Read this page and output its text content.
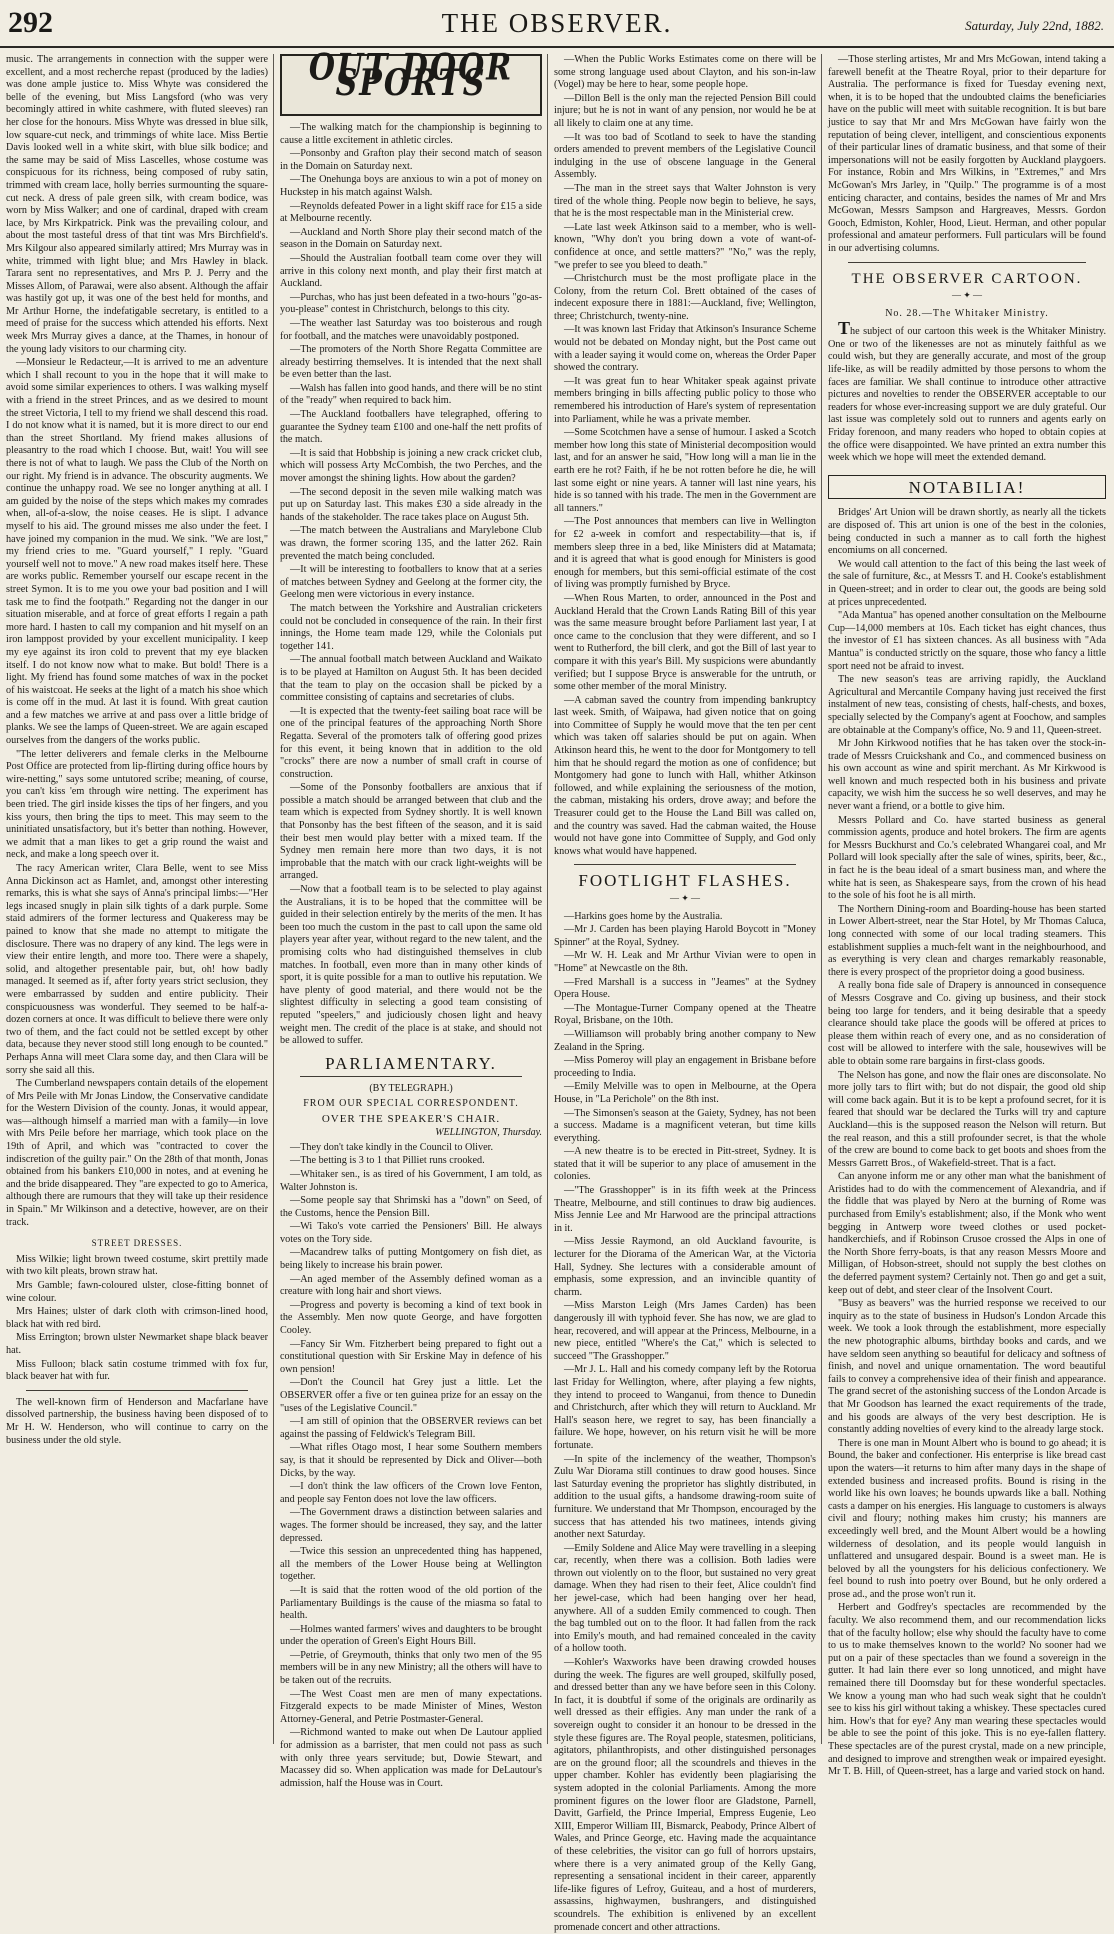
292	THE OBSERVER.	Saturday, July 22nd, 1882.

music. The arrangements in connection with the supper were excellent, and a most recherche repast (produced by the ladies) was done ample justice to. Miss Whyte was considered the belle of the evening, but Miss Langsford (who was very becomingly attired in white cashmere, with fluted sleeves) ran her close for the honours. Miss Whyte was dressed in blue silk, low square-cut neck, and trimmings of white lace. Miss Bertie Davis looked well in a white skirt, with blue silk bodice; and the same may be said of Miss Lascelles, whose costume was conspicuous for its richness, being composed of ruby satin, trimmed with cream lace, holly berries surmounting the square-cut neck. A dress of pale green silk, with cream bodice, was worn by Miss Walker; and one of cardinal, draped with cream lace, by Mrs Kirkpatrick. Pink was the prevailing colour, and about the most tasteful dress of that tint was Mrs Birchfield's. Mrs Kilgour also appeared similarly attired; Mrs Murray was in white, trimmed with light blue; and Mrs Hawley in black. Tarara sent no representatives, and Mrs P. J. Perry and the Misses Allom, of Parawai, were also absent. Although the affair was hastily got up, it was one of the best held for months, and Mr Arthur Horne, the indefatigable secretary, is entitled to a meed of praise for the success which attended his efforts. Next week Mrs Murray gives a dance, at the Thames, in honour of the young lady visitors to our charming city.

—Monsieur le Redacteur,—It is arrived to me an adventure which I shall recount to you in the hope that it will make to avoid some similar experiences to others. I was walking myself with a friend in the street Princes, and as we desired to mount the street Victoria, I tell to my friend we shall descend this road. I do not know what it is named, but it is more direct to our end than the street Shortland. My friend makes allusions of pleasantry to the road which I choose. But, wait! You will see there is not of what to laugh. We pass the Club of the North on our right. My friend is in advance. The obscurity augments. We continue the unhappy road. We see no longer anything at all. I am guided by the noise of the steps which makes my comrades when, all-of-a-slow, the noise ceases. He is slipt. I advance myself to his aid. The ground misses me also under the feet. I have joined my companion in the mud. We sink. "We are lost," my friend cries to me. "Guard yourself," I reply. "Guard yourself well not to move." A new road makes itself here. These are works public. Remember yourself our escape recent in the street Symon. It is to me you owe your bad position and I will task me to find the footpath." Regarding not the danger in our situation miserable, and at force of great efforts I regain a path more hard. I hasten to call my companion and hit myself on an iron lamppost provided by your excellent municipality. I keep my eye against its iron cold to prevent that my eye blacken itself. I do not know now what to make. But bold! There is a light. My friend has found some matches of wax in the pocket of his waistcoat. He seeks at the light of a match his shoe which is come off in the mud. At last it is found. With great caution and a few matches we arrive at and pass over a little bridge of planks. We see the lamps of Queen-street. We are again escaped ourselves from the dangers of the works public.

"The letter deliverers and female clerks in the Melbourne Post Office are protected from lip-flirting during office hours by wire-netting," says some untutored scribe; meaning, of course, you can't kiss 'em through wire netting. The experiment has been tried. The girl inside kisses the tips of her fingers, and you kiss yours, then bring the tips to meet. This may seem to the uninitiated unsatisfactory, but it's better than nothing. However, we admit that a man likes to get a grip round the waist and neck, and make a long speech over it.

The racy American writer, Clara Belle, went to see Miss Anna Dickinson act as Hamlet, and, amongst other interesting remarks, this is what she says of Anna's principal limbs:—"Her legs incased snugly in plain silk tights of a dark purple. Some staid admirers of the former lecturess and Quakeress may be pained to know that she made no attempt to mitigate the disclosure. There was no drapery of any kind. The legs were in view their entire length, and more too. There were a shapely, solid, and altogether presentable pair, but, oh! how badly managed. It seemed as if, after forty years strict seclusion, they were embarrassed by sudden and entire publicity. Their conspicuousness was wonderful. They seemed to be half-a-dozen corners at once. It was difficult to believe there were only two of them, and the fact could not be settled except by other data, because they never stood still long enough to be counted." Perhaps Anna will meet Clara some day, and then Clara will be sorry she said all this.

The Cumberland newspapers contain details of the elopement of Mrs Peile with Mr Jonas Lindow, the Conservative candidate for the Western Division of the county. Jonas, it would appear, was—although himself a married man with a family—in love with Mrs Peile before her marriage, which took place on the 19th of April, and which was "contracted to cover the indiscretion of the guilty pair." On the 28th of that month, Jonas obtained from his bankers £10,000 in notes, and at evening he and the bride disappeared. They "are expected to go to America, although there are rumours that they will take up their residence in Spain." Mr Wilkinson and a detective, however, are on their track.

STREET DRESSES.

Miss Wilkie; light brown tweed costume, skirt prettily made with two kilt pleats, brown straw hat.

Mrs Gamble; fawn-coloured ulster, close-fitting bonnet of wine colour.

Mrs Haines; ulster of dark cloth with crimson-lined hood, black hat with red bird.

Miss Errington; brown ulster Newmarket shape black beaver hat.

Miss Fulloon; black satin costume trimmed with fox fur, black beaver hat with fur.

The well-known firm of Henderson and Macfarlane have dissolved partnership, the business having been disposed of to Mr H. W. Henderson, who will continue to carry on the business under the old style.

OUT DOOR SPORTS

—The walking match for the championship is beginning to cause a little excitement in athletic circles.

—Ponsonby and Grafton play their second match of season in the Domain on Saturday next.

—The Onehunga boys are anxious to win a pot of money on Huckstep in his match against Walsh.

—Reynolds defeated Power in a light skiff race for £15 a side at Melbourne recently.

—Auckland and North Shore play their second match of the season in the Domain on Saturday next.

—Should the Australian football team come over they will arrive in this colony next month, and play their first match at Auckland.

—Purchas, who has just been defeated in a two-hours "go-as-you-please" contest in Christchurch, belongs to this city.

—The weather last Saturday was too boisterous and rough for football, and the matches were unavoidably postponed.

—The promoters of the North Shore Regatta Committee are already bestirring themselves. It is intended that the next shall be even better than the last.

—Walsh has fallen into good hands, and there will be no stint of the "ready" when required to back him.

—The Auckland footballers have telegraphed, offering to guarantee the Sydney team £100 and one-half the nett profits of the match.

—It is said that Hobbship is joining a new crack cricket club, which will possess Arty McCombish, the two Perches, and the mover amongst the shining lights. How about the garden?

—The second deposit in the seven mile walking match was put up on Saturday last. This makes £30 a side already in the hands of the stakeholder. The race takes place on August 5th.

—The match between the Australians and Marylebone Club was drawn, the former scoring 135, and the latter 262. Rain prevented the match being concluded.

—It will be interesting to footballers to know that at a series of matches between Sydney and Geelong at the former city, the Geelong men were victorious in every instance.

The match between the Yorkshire and Australian cricketers could not be concluded in consequence of the rain. In their first innings, the Home team made 129, while the Colonials put together 141.

—The annual football match between Auckland and Waikato is to be played at Hamilton on August 5th. It has been decided that the team to play on the occasion shall be picked by a committee consisting of captains and secretaries of clubs.

—It is expected that the twenty-feet sailing boat race will be one of the principal features of the approaching North Shore Regatta. Several of the promoters talk of offering good prizes for this event, it being known that in addition to the old "crocks" there are now a number of small craft in course of construction.

—Some of the Ponsonby footballers are anxious that if possible a match should be arranged between that club and the team which is expected from Sydney shortly. It is well known that Ponsonby has the best fifteen of the season, and it is said their best men would play better with a mixed team. If the Sydney men remain here more than two days, it is not improbable that the match with our crack light-weights will be arranged.

—Now that a football team is to be selected to play against the Australians, it is to be hoped that the committee will be guided in their selection entirely by the merits of the men. It has been too much the custom in the past to call upon the same old players year after year, without regard to the new talent, and the promising colts who had distinguished themselves in club matches. In football, even more than in many other kinds of sport, it is quite possible for a man to outlive his reputation. We have plenty of good material, and there would not be the slightest difficulty in selecting a good team consisting of reputed "speelers," and judiciously chosen light and heavy weight men. The credit of the place is at stake, and should not be allowed to suffer.

PARLIAMENTARY.
(BY TELEGRAPH.)
FROM OUR SPECIAL CORRESPONDENT.
OVER THE SPEAKER'S CHAIR.
WELLINGTON, Thursday.

—They don't take kindly in the Council to Oliver.

—The betting is 3 to 1 that Pilliet runs crooked.

—Whitaker sen., is as tired of his Government, I am told, as Walter Johnston is.

—Some people say that Shrimski has a "down" on Seed, of the Customs, hence the Pension Bill.

—Wi Tako's vote carried the Pensioners' Bill. He always votes on the Tory side.

—Macandrew talks of putting Montgomery on fish diet, as being likely to increase his brain power.

—An aged member of the Assembly defined woman as a creature with long hair and short views.

—Progress and poverty is becoming a kind of text book in the Assembly. Men now quote George, and have forgotten Cooley.

—Fancy Sir Wm. Fitzherbert being prepared to fight out a constitutional question with Sir Erskine May in defence of his own pension!

—Don't the Council hat Grey just a little. Let the OBSERVER offer a five or ten guinea prize for an essay on the "uses of the Legislative Council."

—I am still of opinion that the OBSERVER reviews can bet against the passing of Feldwick's Telegram Bill.

—What rifles Otago most, I hear some Southern members say, is that it should be represented by Dick and Oliver—both Dicks, by the way.

—I don't think the law officers of the Crown love Fenton, and people say Fenton does not love the law officers.

—The Government draws a distinction between salaries and wages. The former should be increased, they say, and the latter depressed.

—Twice this session an unprecedented thing has happened, all the members of the Lower House being at Wellington together.

—It is said that the rotten wood of the old portion of the Parliamentary Buildings is the cause of the miasma so fatal to health.

—Holmes wanted farmers' wives and daughters to be brought under the operation of Green's Eight Hours Bill.

—Petrie, of Greymouth, thinks that only two men of the 95 members will be in any new Ministry; all the others will have to be taken out of the recruits.

—The West Coast men are men of many expectations. Fitzgerald expects to be made Minister of Mines, Weston Attorney-General, and Petrie Postmaster-General.

—Richmond wanted to make out when De Lautour applied for admission as a barrister, that men could not pass as such with only three years servitude; but, Dowie Stewart, and Macassey did so. When application was made for DeLautour's admission, half the House was in Court.

—When the Public Works Estimates come on there will be some strong language used about Clayton, and his son-in-law (Vogel) may be here to hear, some people hope.

—Dillon Bell is the only man the rejected Pension Bill could injure; but he is not in want of any pension, nor would he be at all likely to claim one at any time.

—It was too bad of Scotland to seek to have the standing orders amended to prevent members of the Legislative Council indulging in the use of obscene language in the General Assembly.

—The man in the street says that Walter Johnston is very tired of the whole thing. People now begin to believe, he says, that he is the most respectable man in the Ministerial crew.

—Late last week Atkinson said to a member, who is well-known, "Why don't you bring down a vote of want-of-confidence at once, and settle matters?" "No," was the reply, "we prefer to see you bleed to death."

—Christchurch must be the most profligate place in the Colony, from the return Col. Brett obtained of the cases of indecent exposure there in 1881:—Auckland, five; Wellington, three; Christchurch, twenty-nine.

—It was known last Friday that Atkinson's Insurance Scheme would not be debated on Monday night, but the Post came out with a leader saying it would come on, whereas the Order Paper showed the contrary.

—It was great fun to hear Whitaker speak against private members bringing in bills affecting public policy to those who remembered his introduction of Hare's system of representation into Parliament, while he was a private member.

—Some Scotchmen have a sense of humour. I asked a Scotch member how long this state of Ministerial decomposition would last, and for an answer he said, "How long will a man lie in the earth ere he rot? Faith, if he be not rotten before he die, he will last some eight or nine years. A tanner will last nine years, his hide is so tanned with his trade. The men in the Government are all tanners."

—The Post announces that members can live in Wellington for £2 a-week in comfort and respectability—that is, if members sleep three in a bed, like Ministers did at Matamata; and it is agreed that what is good enough for Ministers is good enough for members, but this semi-official estimate of the cost of living was promptly furnished by Bryce.

—When Rous Marten, to order, announced in the Post and Auckland Herald that the Crown Lands Rating Bill of this year was the same measure brought before Parliament last year, I at once came to the conclusion that they were different, and so I went to Rutherford, the bill clerk, and got the Bill of last year to compare it with this year's Bill. My suspicions were abundantly verified; but I suppose Bryce is answerable for the untruth, or some other member of the moral Ministry.

—A cabman saved the country from impending bankruptcy last week. Smith, of Waipawa, had given notice that on going into Committee of Supply he would move that the ten per cent which was taken off salaries should be put on again. When Atkinson heard this, he went to the door for Montgomery to tell him that he should regard the motion as one of confidence; but Montgomery had gone to lunch with Hall, whither Atkinson followed, and while explaining the seriousness of the motion, the cabman, mistaking his orders, drove away; and before the Treasurer could get to the House the Land Bill was called on, and the country was saved. Had the cabman waited, the House would not have gone into Committee of Supply, and God only knows what would have happened.

FOOTLIGHT FLASHES.
— ✦ —

—Harkins goes home by the Australia.

—Mr J. Carden has been playing Harold Boycott in "Money Spinner" at the Royal, Sydney.

—Mr W. H. Leak and Mr Arthur Vivian were to open in "Home" at Newcastle on the 8th.

—Fred Marshall is a success in "Jeames" at the Sydney Opera House.

—The Montague-Turner Company opened at the Theatre Royal, Brisbane, on the 10th.

—Williamson will probably bring another company to New Zealand in the Spring.

—Miss Pomeroy will play an engagement in Brisbane before proceeding to India.

—Emily Melville was to open in Melbourne, at the Opera House, in "La Perichole" on the 8th inst.

—The Simonsen's season at the Gaiety, Sydney, has not been a success. Madame is a magnificent veteran, but time kills everything.

—A new theatre is to be erected in Pitt-street, Sydney. It is stated that it will be superior to any place of amusement in the colonies.

—"The Grasshopper" is in its fifth week at the Princess Theatre, Melbourne, and still continues to draw big audiences. Miss Jennie Lee and Mr Harwood are the principal attractions in it.

—Miss Jessie Raymond, an old Auckland favourite, is lecturer for the Diorama of the American War, at the Victoria Hall, Sydney. She lectures with a considerable amount of emphasis, some expression, and an invincible quantity of charm.

—Miss Marston Leigh (Mrs James Carden) has been dangerously ill with typhoid fever. She has now, we are glad to hear, recovered, and will appear at the Princess, Melbourne, in a new piece, entitled "Where's the Cat," which is selected to succeed "The Grasshopper."

—Mr J. L. Hall and his comedy company left by the Rotorua last Friday for Wellington, where, after playing a few nights, they intend to proceed to Wanganui, from thence to Dunedin and Christchurch, after which they will return to Auckland. Mr Hall's season here, we regret to say, has been financially a failure. We hope, however, on his return visit he will be more fortunate.

—In spite of the inclemency of the weather, Thompson's Zulu War Diorama still continues to draw good houses. Since last Saturday evening the proprietor has slightly distributed, in addition to the usual gifts, a handsome drawing-room suite of furniture. We understand that Mr Thompson, encouraged by the success that has attended his two matinees, intends giving another next Saturday.

—Emily Soldene and Alice May were travelling in a sleeping car, recently, when there was a collision. Both ladies were thrown out violently on to the floor, but sustained no very great damage. When they had risen to their feet, Alice couldn't find her jewel-case, which had been hanging over her head, anywhere. All of a sudden Emily commenced to cough. Then the bag tumbled out on to the floor. It had fallen from the rack into Emily's mouth, and had remained concealed in the cavity of a hollow tooth.

—Kohler's Waxworks have been drawing crowded houses during the week. The figures are well grouped, skilfully posed, and dressed better than any we have before seen in this Colony. In fact, it is doubtful if some of the originals are ordinarily as well dressed as their effigies. Any man under the rank of a sovereign ought to consider it an honour to be dressed in the style these figures are. The Royal people, statesmen, politicians, agitators, philanthropists, and other distinguished personages are on the ground floor; all the scoundrels and thieves in the upper chamber. Kohler has evidently been plagiarising the system adopted in the colonial Parliaments. Among the more prominent figures on the lower floor are Gladstone, Parnell, Davitt, Garfield, the Prince Imperial, Empress Eugenie, Leo XIII, Emperor William III, Bismarck, Peabody, Prince Albert of Wales, and Prince George, etc. Having made the acquaintance of these celebrities, the visitor can go full of horrors upstairs, where there is a very animated group of the Kelly Gang, representing a sensational incident in their career, apparently life-like figures of Lefroy, Guiteau, and a host of murderers, assassins, highwaymen, bushrangers, and distinguished scoundrels. The exhibition is enlivened by an excellent promenade concert and other attractions.

—Those sterling artistes, Mr and Mrs McGowan, intend taking a farewell benefit at the Theatre Royal, prior to their departure for Australia. The performance is fixed for Tuesday evening next, when, it is to be hoped that the undoubted claims the beneficiaries have on the public will meet with suitable recognition. It is but bare justice to say that Mr and Mrs McGowan have fairly won the reputation of being clever, intelligent, and conscientious exponents of their particular lines of dramatic business, and that some of their impersonations will not be easily forgotten by Auckland playgoers. For instance, Robin and Mrs Wilkins, in "Extremes," and Mrs McGowan's Mrs Jarley, in "Quilp." The programme is of a most enticing character, and contains, besides the names of Mr and Mrs McGowan, Messrs Sampson and Hargreaves, Messrs. Gordon Gooch, Edmiston, Kohler, Hood, Lieut. Herman, and other popular professional and amateur performers. Full particulars will be found in our advertising columns.

THE OBSERVER CARTOON.
— ✦ —
No. 28.—The Whitaker Ministry.

The subject of our cartoon this week is the Whitaker Ministry. One or two of the likenesses are not as minutely faithful as we could wish, but they are generally accurate, and most of the group life-like, as will be readily admitted by those persons to whom the faces are familiar. We shall continue to introduce other attractive pictures and novelties to render the OBSERVER acceptable to our readers for whose ever-increasing support we are duly grateful. Our last issue was completely sold out to runners and agents early on Friday forenoon, and many readers who hoped to obtain copies at the office were disappointed. We have printed an extra number this week which we hope will meet the extended demand.

NOTABILIA!

Bridges' Art Union will be drawn shortly, as nearly all the tickets are disposed of. This art union is one of the best in the colonies, being conducted in such a manner as to call forth the highest encomiums on all concerned.

We would call attention to the fact of this being the last week of the sale of furniture, &c., at Messrs T. and H. Cooke's establishment in Queen-street; and in order to clear out, the goods are being sold at prices unprecedented.

"Ada Mantua" has opened another consultation on the Melbourne Cup—14,000 members at 10s. Each ticket has eight chances, thus the investor of £1 has sixteen chances. As all business with "Ada Mantua" is conducted strictly on the square, those who fancy a little sport need not be afraid to invest.

The new season's teas are arriving rapidly, the Auckland Agricultural and Mercantile Company having just received the first instalment of new teas, consisting of chests, half-chests, and boxes, specially selected by the Company's agent at Foochow, and samples are obtainable at the Company's office, No. 9 and 11, Queen-street.

Mr John Kirkwood notifies that he has taken over the stock-in-trade of Messrs Cruickshank and Co., and commenced business on his own account as wine and spirit merchant. As Mr Kirkwood is well known and much respected both in his business and private capacity, we wish him the success he so well deserves, and may he never want a friend, or a bottle to give him.

Messrs Pollard and Co. have started business as general commission agents, produce and hotel brokers. The firm are agents for Messrs Buckhurst and Co.'s celebrated Whangarei coal, and Mr Pollard will look specially after the sale of wines, spirits, beer, &c., in fact he is the beau ideal of a smart business man, and where the white hat is seen, as Shakespeare says, from the crown of his head to the sole of his foot he is all mirth.

The Northern Dining-room and Boarding-house has been started in Lower Albert-street, near the Star Hotel, by Mr Thomas Caluca, long connected with some of our local trading steamers. This establishment supplies a much-felt want in the neighbourhood, and as everything is very clean and charges remarkably reasonable, there is every prospect of the proprietor doing a good business.

A really bona fide sale of Drapery is announced in consequence of Messrs Cosgrave and Co. giving up business, and their stock being too large for tenders, and it being desirable that a speedy clearance should take place the goods will be offered at prices to please them within reach of every one, and as no consideration of cost will be allowed to interfere with the sale, housewives will be able to obtain some rare bargains in first-class goods.

The Nelson has gone, and now the flair ones are disconsolate. No more jolly tars to flirt with; but do not dispair, the good old ship will come back again. But it is to be kept a profound secret, for it is feared that should war be declared the Turks will try and capture Auckland—this is the supposed reason the Nelson will return. But the real reason, and this a still profounder secret, is that the whole of the crew are bound to come back to get boots and shoes from the Messrs Garrett Bros., of Wakefield-street. That is a fact.

Can anyone inform me or any other man what the banishment of Aristides had to do with the commencement of Alexandria, and if the fiddle that was played by Nero at the burning of Rome was purchased from Emily's establishment; also, if the Monk who went begging in Antwerp wore tweed clothes or used pocket-handkerchiefs, and if Robinson Crusoe crossed the Alps in one of the North Shore ferry-boats, is that any reason Messrs Moore and Milligan, of Hobson-street, should not supply the best clothes on the deferred payment system? Certainly not. Then go and get a suit, keep out of debt, and steer clear of the Insolvent Court.

"Busy as beavers" was the hurried response we received to our inquiry as to the state of business in Hudson's London Arcade this week. We took a look through the establishment, more especially the new photographic albums, birthday books and cards, and we have seldom seen anything so beautiful for delicacy and softness of finish, and novel and unique ornamentation. The word beautiful fails to convey a comprehensive idea of their finish and appearance. The grand secret of the astonishing success of the London Arcade is that Mr Goodson has learned the exact requirements of the trade, and his goods are always of the very best description. He is constantly adding novelties of every kind to the already large stock.

There is one man in Mount Albert who is bound to go ahead; it is Bound, the baker and confectioner. His enterprise is like bread cast upon the waters—it returns to him after many days in the shape of extended business and increased profits. Bound is rising in the world like his own loaves; he bounds upwards like a ball. Nothing casts a damper on his energies. His language to customers is always civil and floury; nothing makes him crusty; his manners are exceedingly well bred, and the Mount Albert would be a howling wilderness of desolation, and its people would languish in unflattered and unsugared despair. Bound is a sweet man. He is beloved by all the youngsters for his delicious confectionery. We feel bound to rush into poetry over Bound, but he only ordered a prose ad., and the prose won't run it.

Herbert and Godfrey's spectacles are recommended by the faculty. We also recommend them, and our recommendation licks that of the faculty hollow; else why should the faculty have to come to us to make themselves known to the world? No sooner had we put on a pair of these spectacles than we found a sovereign in the gutter. It had lain there ever so long unnoticed, and might have remained there till Doomsday but for these wonderful spectacles. We know a young man who had such weak sight that he couldn't see to kiss his girl without taking a whiskey. These spectacles cured him. How's that for eye? Any man wearing these spectacles would be able to see the point of this joke. This is no eye-fallen flattery. These spectacles are of the purest crystal, made on a new principle, and designed to improve and strengthen weak or impaired eyesight. Mr T. B. Hill, of Queen-street, has a large and varied stock on hand.
